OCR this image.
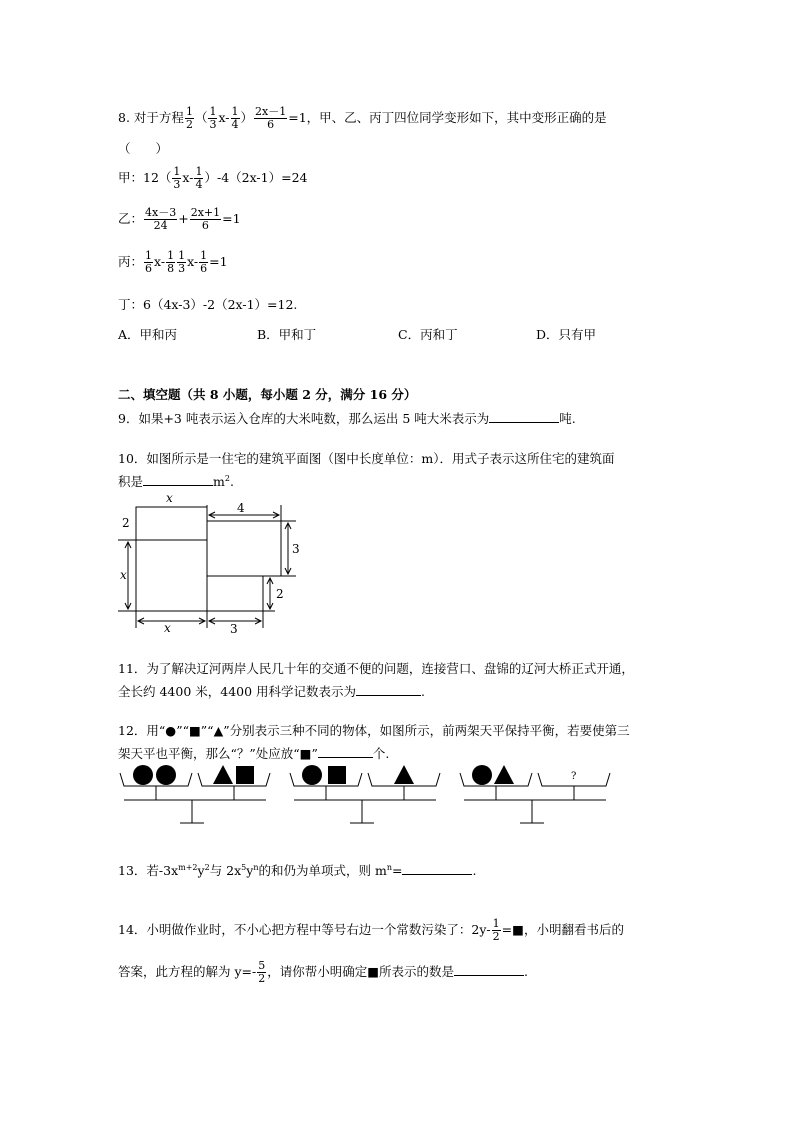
8. 对于方程 $\frac{1}{2}$ （ $\frac{1}{3} x- \frac{1}{4}$ ） $\frac{2x-1}{6} =1$，甲、乙、丙丁四位同学变形如下，其中变形正确的是
（　　）
甲：$12( \frac{1}{3} x- \frac{1}{4} )-4(2x-1)=24$
乙： $\frac{4x-3}{24} + \frac{2x+1}{6} =1$
丙： $\frac{1}{6} x- \frac{1}{8} \frac{1}{3} x- \frac{1}{6} =1$
丁：6（4x-3）-2（2x-1）=12.
A．甲和丙	B．甲和丁	C．丙和丁	D．只有甲
二、填空题（共 8 小题，每小题 2 分，满分 16 分）
9．如果+3 吨表示运入仓库的大米吨数，那么运出 5 吨大米表示为	吨.
10．如图所示是一住宅的建筑平面图（图中长度单位：m）．用式子表示这所住宅的建筑面
积是	$m^2$.
x
4
2
x
3
2
x	3
11．为了解决辽河两岸人民几十年的交通不便的问题，连接营口、盘锦的辽河大桥正式开通，
全长约 4400 米，4400 用科学记数表示为	.
12．用“●”“■”“▲”分别表示三种不同的物体，如图所示，前两架天平保持平衡，若要使第三
架天平也平衡，那么“？”处应放“■”	个.
?
13．若$-3x^{m+2}y^2$与 $2x^5y^n$的和仍为单项式，则 $m^n=$	.
14．小明做作业时，不小心把方程中等号右边一个常数污染了：$2y- \frac{1}{2}$ =■，小明翻看书后的
答案，此方程的解为 $y=- \frac{5}{2}$ ，请你帮小明确定■所表示的数是	.
